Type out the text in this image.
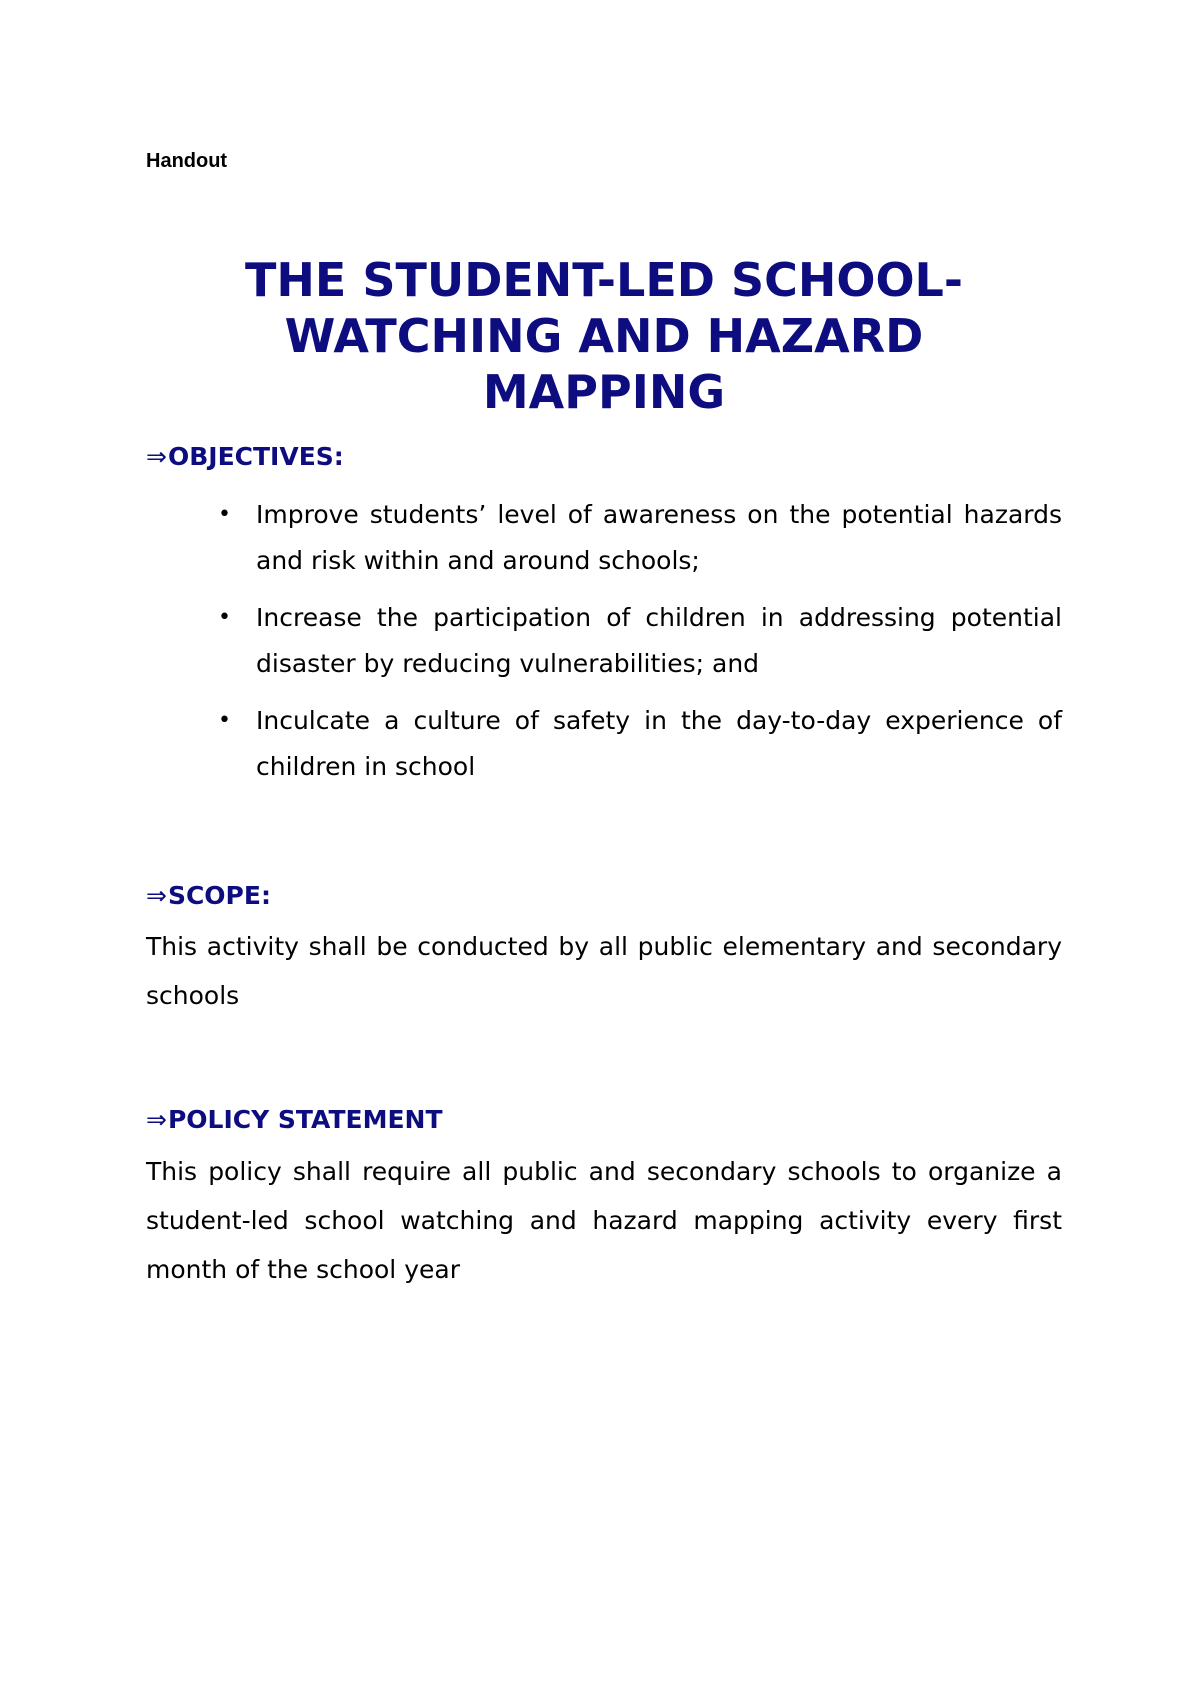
Handout
THE STUDENT-LED SCHOOL-
WATCHING AND HAZARD
MAPPING
⇒OBJECTIVES:
• Improve students’ level of awareness on the potential hazards and risk within and around schools;
• Increase the participation of children in addressing potential disaster by reducing vulnerabilities; and
• Inculcate a culture of safety in the day-to-day experience of children in school
⇒SCOPE:

This activity shall be conducted by all public elementary and secondary schools

⇒POLICY STATEMENT

This policy shall require all public and secondary schools to organize a student-led school watching and hazard mapping activity every first month of the school year
